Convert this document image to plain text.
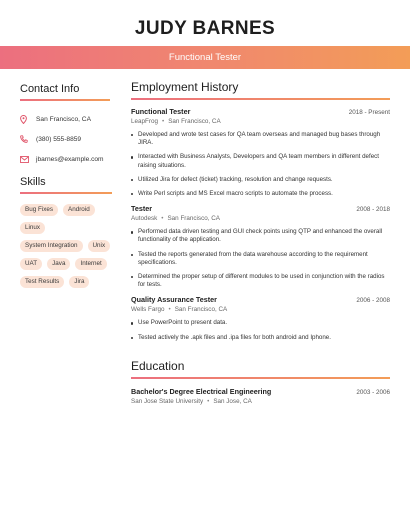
JUDY BARNES
Functional Tester
Contact Info
San Francisco, CA
(380) 555-8859
jbarnes@example.com
Skills
Bug Fixes	Android
Linux
System Integration	Unix
UAT	Java	Internet
Test Results	Jira
Employment History
Functional Tester	2018 - Present
LeapFrog • San Francisco, CA
Developed and wrote test cases for QA team overseas and managed bug bases through JIRA.
Interacted with Business Analysts, Developers and QA team members in different defect raising situations.
Utilized Jira for defect (ticket) tracking, resolution and change requests.
Write Perl scripts and MS Excel macro scripts to automate the process.
Tester	2008 - 2018
Autodesk • San Francisco, CA
Performed data driven testing and GUI check points using QTP and enhanced the overall functionality of the application.
Tested the reports generated from the data warehouse according to the requirement specifications.
Determined the proper setup of different modules to be used in conjunction with the radios for tests.
Quality Assurance Tester	2006 - 2008
Wells Fargo • San Francisco, CA
Use PowerPoint to present data.
Tested actively the .apk files and .ipa files for both android and Iphone.
Education
Bachelor's Degree Electrical Engineering	2003 - 2006
San Jose State University • San Jose, CA
